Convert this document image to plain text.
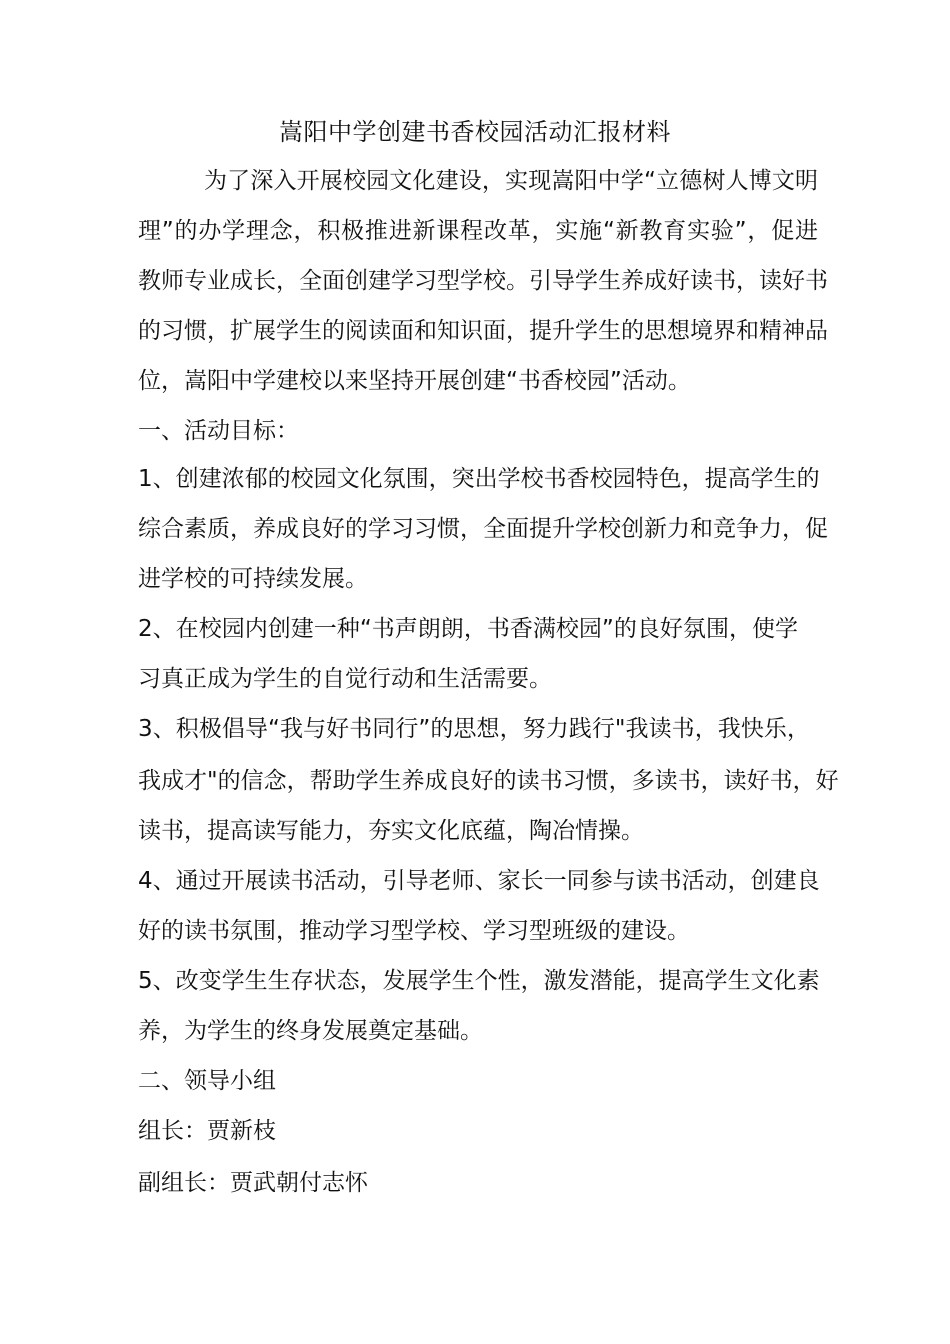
嵩阳中学创建书香校园活动汇报材料
为了深入开展校园文化建设，实现嵩阳中学“立德树人博文明
理”的办学理念，积极推进新课程改革，实施“新教育实验”，促进
教师专业成长，全面创建学习型学校。引导学生养成好读书，读好书
的习惯，扩展学生的阅读面和知识面，提升学生的思想境界和精神品
位，嵩阳中学建校以来坚持开展创建“书香校园”活动。
一、活动目标：
1、创建浓郁的校园文化氛围，突出学校书香校园特色，提高学生的
综合素质，养成良好的学习习惯，全面提升学校创新力和竞争力，促
进学校的可持续发展。
2、在校园内创建一种“书声朗朗，书香满校园”的良好氛围，使学
习真正成为学生的自觉行动和生活需要。
3、积极倡导“我与好书同行”的思想，努力践行"我读书，我快乐，
我成才"的信念，帮助学生养成良好的读书习惯，多读书，读好书，好
读书，提高读写能力，夯实文化底蕴，陶冶情操。
4、通过开展读书活动，引导老师、家长一同参与读书活动，创建良
好的读书氛围，推动学习型学校、学习型班级的建设。
5、改变学生生存状态，发展学生个性，激发潜能，提高学生文化素
养，为学生的终身发展奠定基础。
二、领导小组
组长：贾新枝
副组长：贾武朝付志怀
